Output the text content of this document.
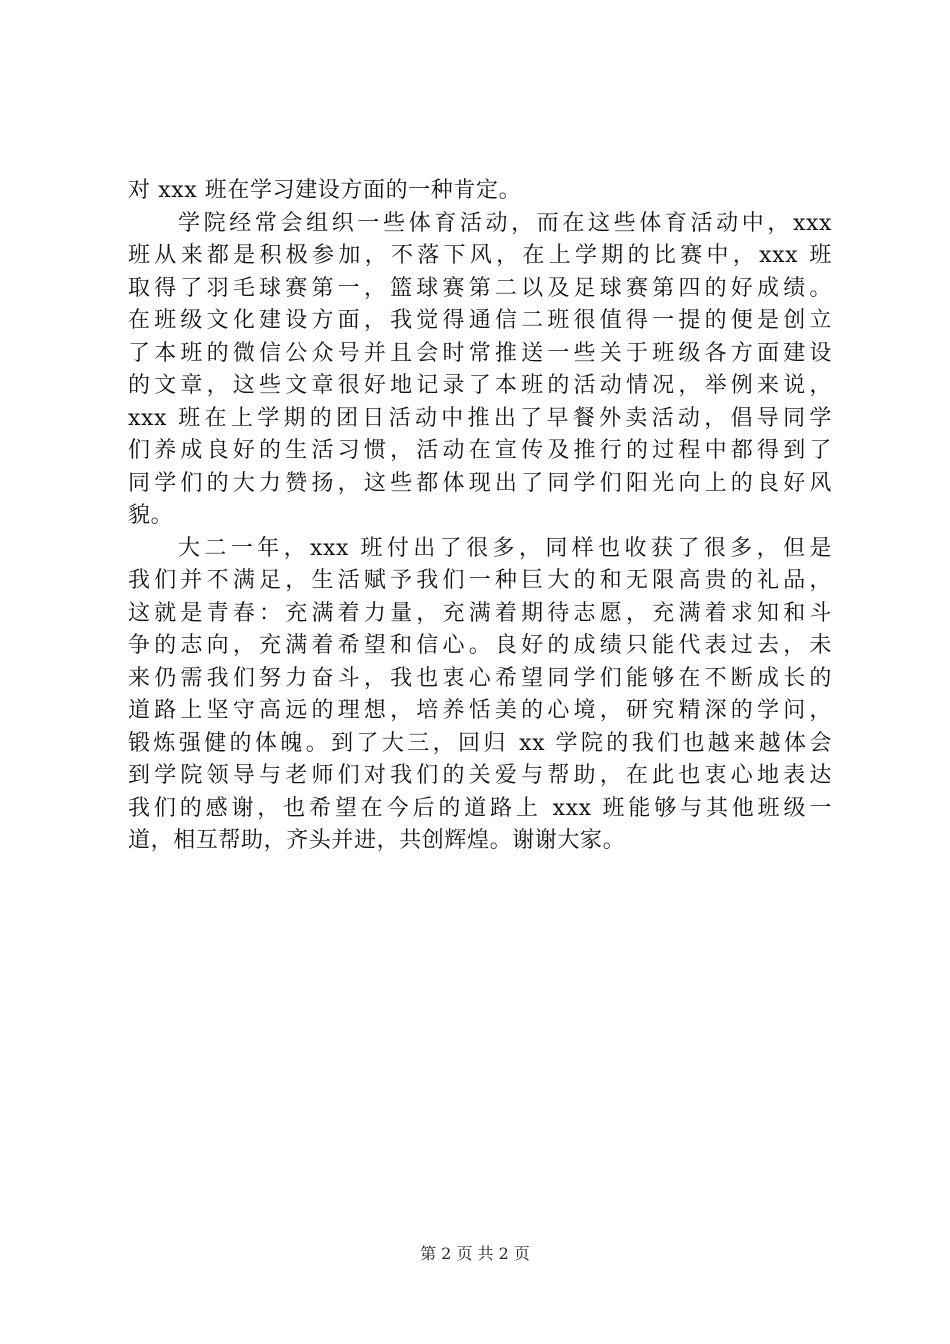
对 xxx 班在学习建设方面的一种肯定。
学院经常会组织一些体育活动，而在这些体育活动中，xxx
班从来都是积极参加，不落下风，在上学期的比赛中，xxx 班
取得了羽毛球赛第一，篮球赛第二以及足球赛第四的好成绩。
在班级文化建设方面，我觉得通信二班很值得一提的便是创立
了本班的微信公众号并且会时常推送一些关于班级各方面建设
的文章，这些文章很好地记录了本班的活动情况，举例来说，
xxx 班在上学期的团日活动中推出了早餐外卖活动，倡导同学
们养成良好的生活习惯，活动在宣传及推行的过程中都得到了
同学们的大力赞扬，这些都体现出了同学们阳光向上的良好风
貌。
大二一年，xxx 班付出了很多，同样也收获了很多，但是
我们并不满足，生活赋予我们一种巨大的和无限高贵的礼品，
这就是青春：充满着力量，充满着期待志愿，充满着求知和斗
争的志向，充满着希望和信心。良好的成绩只能代表过去，未
来仍需我们努力奋斗，我也衷心希望同学们能够在不断成长的
道路上坚守高远的理想，培养恬美的心境，研究精深的学问，
锻炼强健的体魄。到了大三，回归 xx 学院的我们也越来越体会
到学院领导与老师们对我们的关爱与帮助，在此也衷心地表达
我们的感谢，也希望在今后的道路上 xxx 班能够与其他班级一
道，相互帮助，齐头并进，共创辉煌。谢谢大家。
第 2 页 共 2 页
